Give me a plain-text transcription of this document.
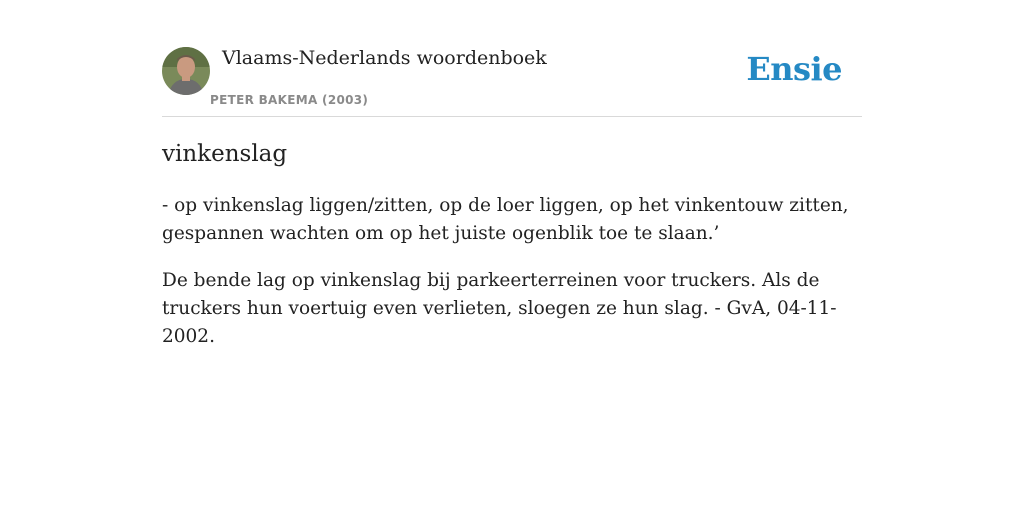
Vlaams-Nederlands woordenboek
PETER BAKEMA (2003)
Ensie
vinkenslag

- op vinkenslag liggen/zitten, op de loer liggen, op het vinkentouw zitten, gespannen wachten om op het juiste ogenblik toe te slaan.’

De bende lag op vinkenslag bij parkeerterreinen voor truckers. Als de truckers hun voertuig even verlieten, sloegen ze hun slag. - GvA, 04-11-2002.
